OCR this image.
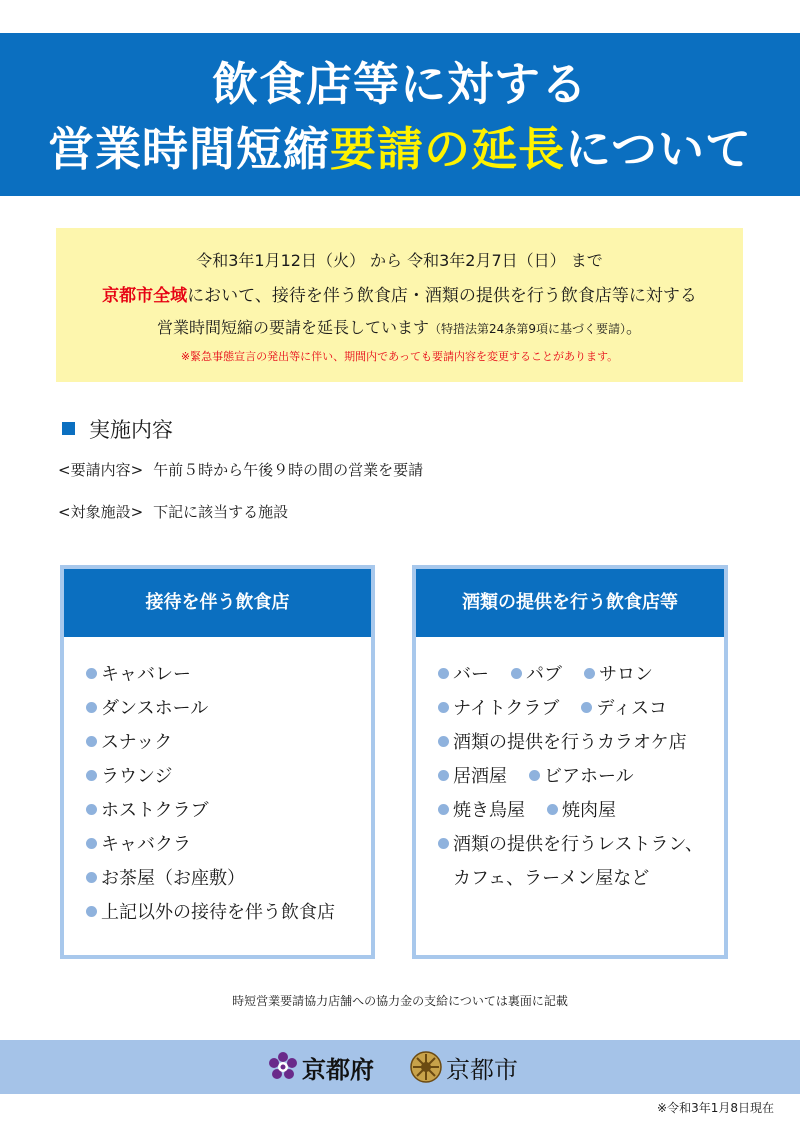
飲食店等に対する
営業時間短縮要請の延長について
令和3年1月12日（火） から 令和3年2月7日（日） まで
京都市全域において、接待を伴う飲食店・酒類の提供を行う飲食店等に対する
営業時間短縮の要請を延長しています（特措法第24条第9項に基づく要請）。
※緊急事態宣言の発出等に伴い、期間内であっても要請内容を変更することがあります。
実施内容
<要請内容> 午前５時から午後９時の間の営業を要請
<対象施設> 下記に該当する施設
接待を伴う飲食店
キャバレー
ダンスホール
スナック
ラウンジ
ホストクラブ
キャバクラ
お茶屋（お座敷）
上記以外の接待を伴う飲食店
酒類の提供を行う飲食店等
バー パブ サロン
ナイトクラブ ディスコ
酒類の提供を行うカラオケ店
居酒屋 ビアホール
焼き鳥屋 焼肉屋
酒類の提供を行うレストラン、
カフェ、ラーメン屋など
時短営業要請協力店舗への協力金の支給については裏面に記載
京都府	京都市
※令和3年1月8日現在
